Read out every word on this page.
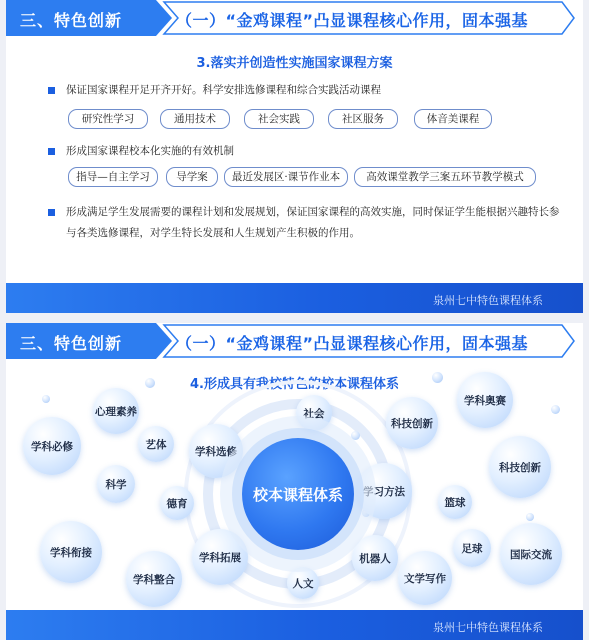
三、特色创新	（一）“金鸡课程”凸显课程核心作用，固本强基
3.落实并创造性实施国家课程方案
保证国家课程开足开齐开好。科学安排选修课程和综合实践活动课程
研究性学习	通用技术	社会实践	社区服务	体音美课程
形成国家课程校本化实施的有效机制
指导—自主学习	导学案	最近发展区·课节作业本	高效课堂教学三案五环节教学模式
形成满足学生发展需要的课程计划和发展规划，保证国家课程的高效实施，同时保证学生能根据兴趣特长参与各类选修课程，对学生特长发展和人生规划产生积极的作用。
泉州七中特色课程体系
三、特色创新	（一）“金鸡课程”凸显课程核心作用，固本强基
4.形成具有我校特色的校本课程体系
学科必修
心理素养
艺体
科学
德育
学科选修
社会
科技创新
学科奥赛
学习方法
科技创新
篮球
学科衔接
学科整合
学科拓展
人文
机器人
文学写作
足球	国际交流
校本课程体系
泉州七中特色课程体系
